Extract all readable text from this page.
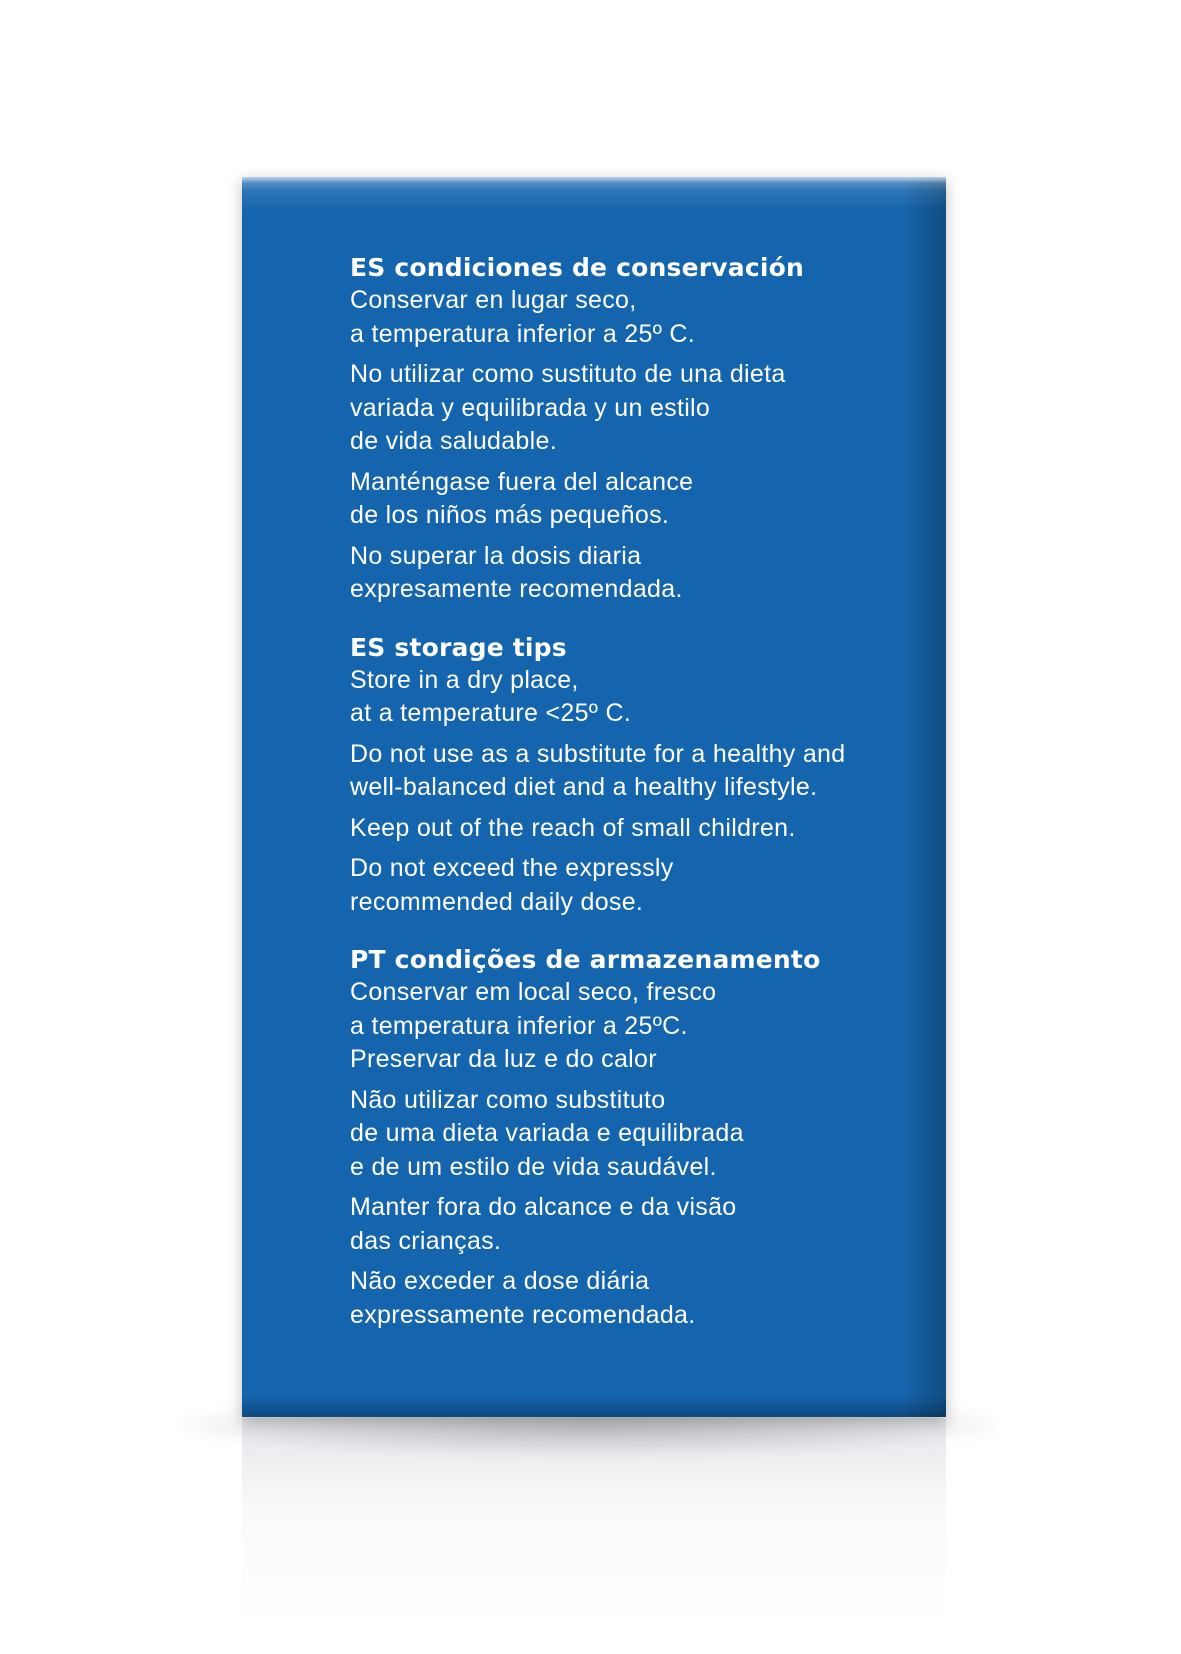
ES condiciones de conservación

Conservar en lugar seco,
a temperatura inferior a 25º C.

No utilizar como sustituto de una dieta
variada y equilibrada y un estilo
de vida saludable.

Manténgase fuera del alcance
de los niños más pequeños.

No superar la dosis diaria
expresamente recomendada.

ES storage tips

Store in a dry place,
at a temperature <25º C.

Do not use as a substitute for a healthy and
well-balanced diet and a healthy lifestyle.

Keep out of the reach of small children.

Do not exceed the expressly
recommended daily dose.

PT condições de armazenamento

Conservar em local seco, fresco
a temperatura inferior a 25ºC.
Preservar da luz e do calor

Não utilizar como substituto
de uma dieta variada e equilibrada
e de um estilo de vida saudável.

Manter fora do alcance e da visão
das crianças.

Não exceder a dose diária
expressamente recomendada.
